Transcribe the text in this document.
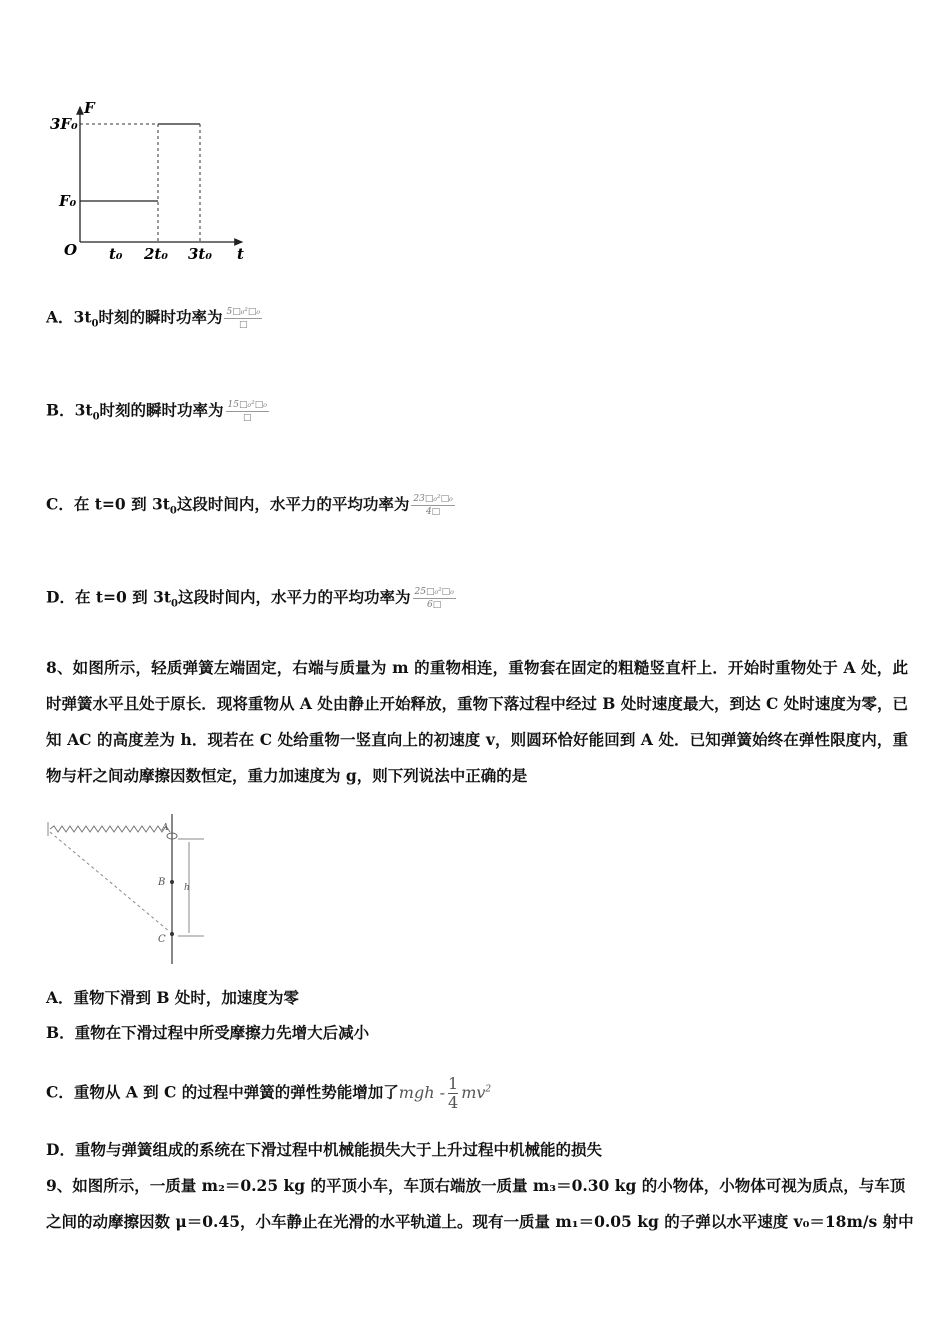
F
3F₀
F₀
O t₀ 2t₀ 3t₀ t
A．$3t_0$时刻的瞬时功率为 $\frac{\text{5□₀²□₀}}{□}$
B．$3t_0$时刻的瞬时功率为 $\frac{\text{15□₀²□₀}}{□}$
C．在 t=0 到 $3t_0$这段时间内，水平力的平均功率为 $\frac{\text{23□₀²□₀}}{4□}$
D．在 t=0 到 $3t_0$这段时间内，水平力的平均功率为 $\frac{\text{25□₀²□₀}}{6□}$
8、如图所示，轻质弹簧左端固定，右端与质量为 m 的重物相连，重物套在固定的粗糙竖直杆上．开始时重物处于 A 处，此时弹簧水平且处于原长．现将重物从 A 处由静止开始释放，重物下落过程中经过 B 处时速度最大，到达 C 处时速度为零，已知 AC 的高度差为 h．现若在 C 处给重物一竖直向上的初速度 v，则圆环恰好能回到 A 处．已知弹簧始终在弹性限度内，重物与杆之间动摩擦因数恒定，重力加速度为 g，则下列说法中正确的是
A
B
C
h
A．重物下滑到 B 处时，加速度为零
B．重物在下滑过程中所受摩擦力先增大后减小
C．重物从 A 到 C 的过程中弹簧的弹性势能增加了mgh - $\frac{1}{4} mv^2$
D．重物与弹簧组成的系统在下滑过程中机械能损失大于上升过程中机械能的损失
9、如图所示，一质量 m₂＝0.25 kg 的平顶小车，车顶右端放一质量 m₃＝0.30 kg 的小物体，小物体可视为质点，与车顶
之间的动摩擦因数 μ＝0.45，小车静止在光滑的水平轨道上。现有一质量 m₁＝0.05 kg 的子弹以水平速度 v₀＝18m/s 射中
